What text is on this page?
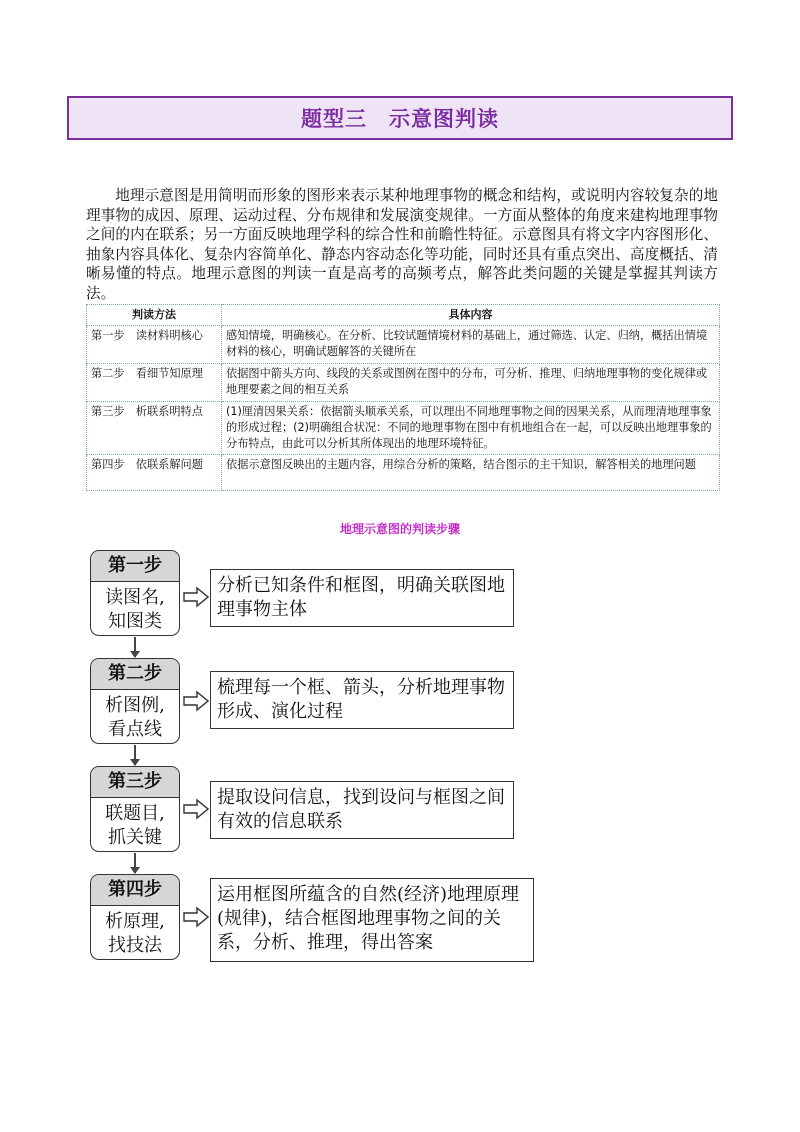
题型三　示意图判读

地理示意图是用简明而形象的图形来表示某种地理事物的概念和结构，或说明内容较复杂的地理事物的成因、原理、运动过程、分布规律和发展演变规律。一方面从整体的角度来建构地理事物之间的内在联系；另一方面反映地理学科的综合性和前瞻性特征。示意图具有将文字内容图形化、抽象内容具体化、复杂内容简单化、静态内容动态化等功能，同时还具有重点突出、高度概括、清晰易懂的特点。地理示意图的判读一直是高考的高频考点，解答此类问题的关键是掌握其判读方法。

判读方法	具体内容
第一步　读材料明核心	感知情境，明确核心。在分析、比较试题情境材料的基础上，通过筛选、认定、归纳，概括出情境材料的核心，明确试题解答的关键所在
第二步　看细节知原理	依据图中箭头方向、线段的关系或图例在图中的分布，可分析、推理、归纳地理事物的变化规律或地理要素之间的相互关系
第三步　析联系明特点	(1)厘清因果关系：依据箭头顺承关系，可以理出不同地理事物之间的因果关系，从而理清地理事象的形成过程；(2)明确组合状况：不同的地理事物在图中有机地组合在一起，可以反映出地理事象的分布特点，由此可以分析其所体现出的地理环境特征。
第四步　依联系解问题	依据示意图反映出的主题内容，用综合分析的策略，结合图示的主干知识，解答相关的地理问题
地理示意图的判读步骤
第一步
读图名,
知图类
分析已知条件和框图，明确关联图地理事物主体
第二步
析图例,
看点线
梳理每一个框、箭头，分析地理事物形成、演化过程
第三步
联题目,
抓关键
提取设问信息，找到设问与框图之间有效的信息联系
第四步
析原理,
找技法
运用框图所蕴含的自然(经济)地理原理(规律)，结合框图地理事物之间的关系，分析、推理，得出答案
